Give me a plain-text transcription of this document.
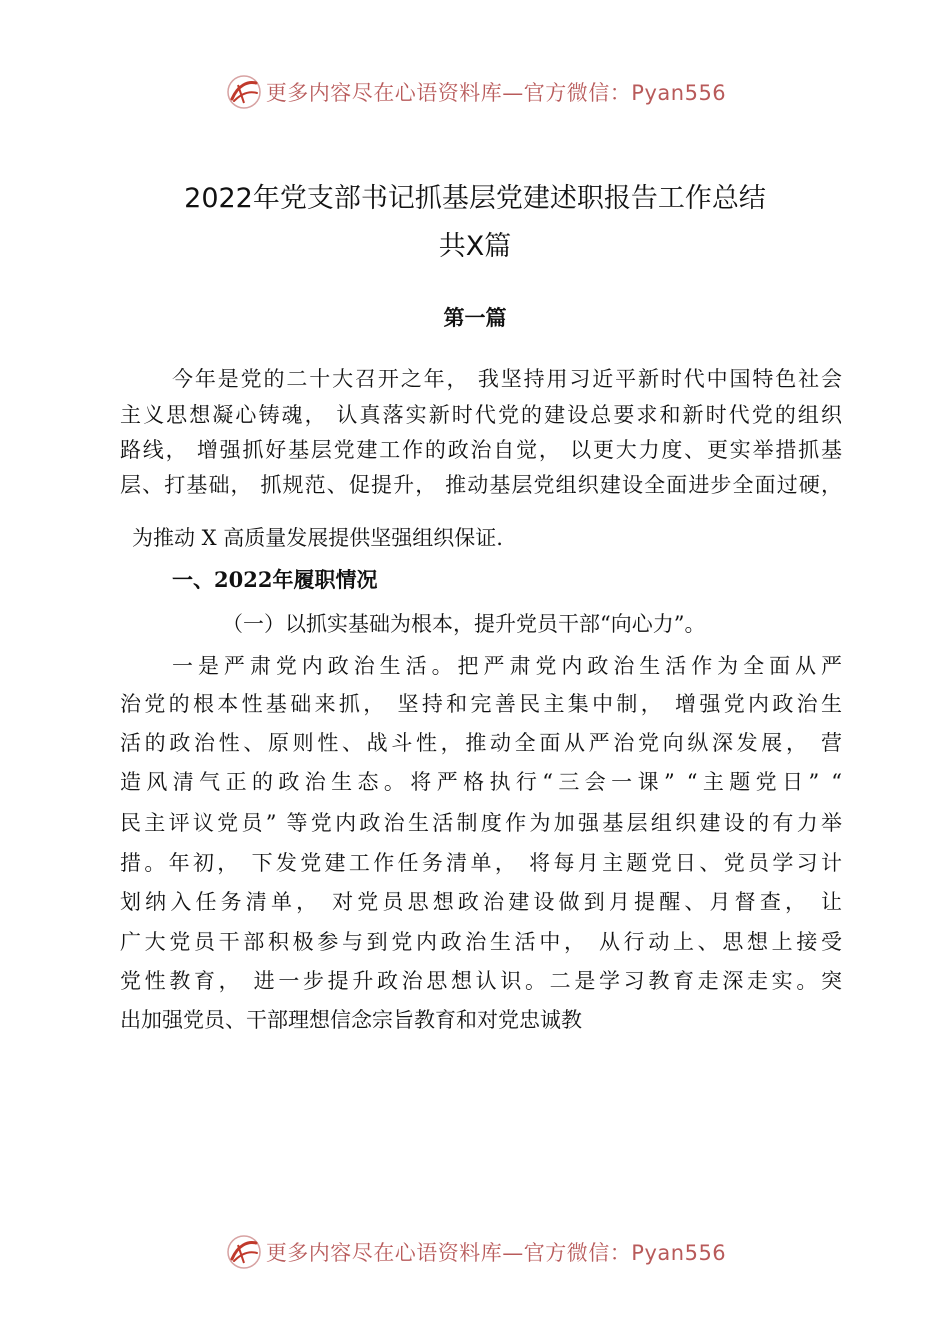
更多内容尽在心语资料库—官方微信：Pyan556
2022年党支部书记抓基层党建述职报告工作总结
共X篇
第一篇
今年是党的二十大召开之年， 我坚持用习近平新时代中国特色社会
主义思想凝心铸魂， 认真落实新时代党的建设总要求和新时代党的组织
路线， 增强抓好基层党建工作的政治自觉， 以更大力度、更实举措抓基
层、打基础， 抓规范、促提升， 推动基层党组织建设全面进步全面过硬，
为推动 X 高质量发展提供坚强组织保证.
一、2022年履职情况
（一）以抓实基础为根本，提升党员干部“向心力”。
一是严肃党内政治生活。把严肃党内政治生活作为全面从严
治党的根本性基础来抓， 坚持和完善民主集中制， 增强党内政治生
活的政治性、原则性、战斗性，推动全面从严治党向纵深发展， 营
造风清气正的政治生态。将严格执行“三会一课” “主题党日” “
民主评议党员” 等党内政治生活制度作为加强基层组织建设的有力举
措。年初， 下发党建工作任务清单， 将每月主题党日、党员学习计
划纳入任务清单， 对党员思想政治建设做到月提醒、月督查， 让
广大党员干部积极参与到党内政治生活中， 从行动上、思想上接受
党性教育， 进一步提升政治思想认识。二是学习教育走深走实。突
出加强党员、干部理想信念宗旨教育和对党忠诚教
更多内容尽在心语资料库—官方微信：Pyan556
